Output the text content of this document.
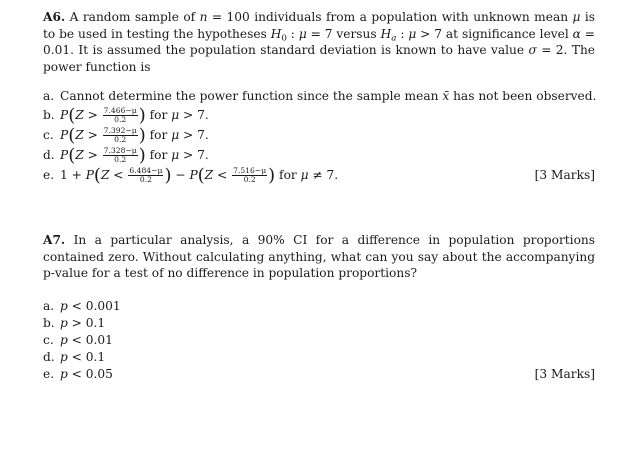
A6. A random sample of n = 100 individuals from a population with unknown mean μ is to be used in testing the hypotheses $H_0$ : μ = 7 versus $H_a$ : μ > 7 at significance level α = 0.01. It is assumed the population standard deviation is known to have value σ = 2. The power function is
a. Cannot determine the power function since the sample mean x̄ has not been observed.
b. $P(Z > \frac{7.466-\mu}{0.2}$ ) for μ > 7.
c. $P(Z > \frac{7.392-\mu}{0.2}$ ) for μ > 7.
d. $P(Z > \frac{7.328-\mu}{0.2}$ ) for μ > 7.
e. $1 + P(Z < \frac{6.484-\mu}{0.2}$ ) − $P(Z < \frac{7.516-\mu}{0.2}$ ) for μ ≠ 7.	[3 Marks]
A7. In a particular analysis, a 90% CI for a difference in population proportions contained zero. Without calculating anything, what can you say about the accompanying p-value for a test of no difference in population proportions?
a. p < 0.001
b. p > 0.1
c. p < 0.01
d. p < 0.1
e. p < 0.05	[3 Marks]
